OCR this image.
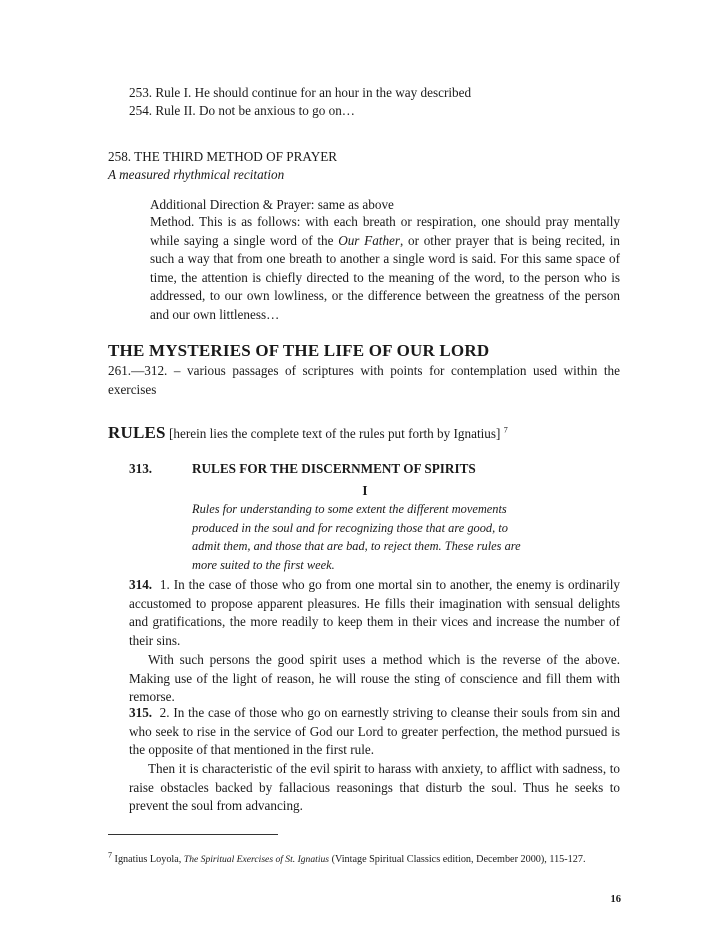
253. Rule I. He should continue for an hour in the way described

254. Rule II. Do not be anxious to go on…

258. THE THIRD METHOD OF PRAYER

A measured rhythmical recitation

Additional Direction & Prayer: same as above

Method. This is as follows: with each breath or respiration, one should pray mentally while saying a single word of the Our Father, or other prayer that is being recited, in such a way that from one breath to another a single word is said. For this same space of time, the attention is chiefly directed to the meaning of the word, to the person who is addressed, to our own lowliness, or the difference between the greatness of the person and our own littleness…

THE MYSTERIES OF THE LIFE OF OUR LORD

261.—312. – various passages of scriptures with points for contemplation used within the exercises

RULES [herein lies the complete text of the rules put forth by Ignatius] $^7$

313.	RULES FOR THE DISCERNMENT OF SPIRITS

I

Rules for understanding to some extent the different movements produced in the soul and for recognizing those that are good, to admit them, and those that are bad, to reject them. These rules are more suited to the first week.

314. 1. In the case of those who go from one mortal sin to another, the enemy is ordinarily accustomed to propose apparent pleasures. He fills their imagination with sensual delights and gratifications, the more readily to keep them in their vices and increase the number of their sins.

With such persons the good spirit uses a method which is the reverse of the above. Making use of the light of reason, he will rouse the sting of conscience and fill them with remorse.

315. 2. In the case of those who go on earnestly striving to cleanse their souls from sin and who seek to rise in the service of God our Lord to greater perfection, the method pursued is the opposite of that mentioned in the first rule.

Then it is characteristic of the evil spirit to harass with anxiety, to afflict with sadness, to raise obstacles backed by fallacious reasonings that disturb the soul. Thus he seeks to prevent the soul from advancing.

$^7$ Ignatius Loyola, The Spiritual Exercises of St. Ignatius (Vintage Spiritual Classics edition, December 2000), 115-127.

16
